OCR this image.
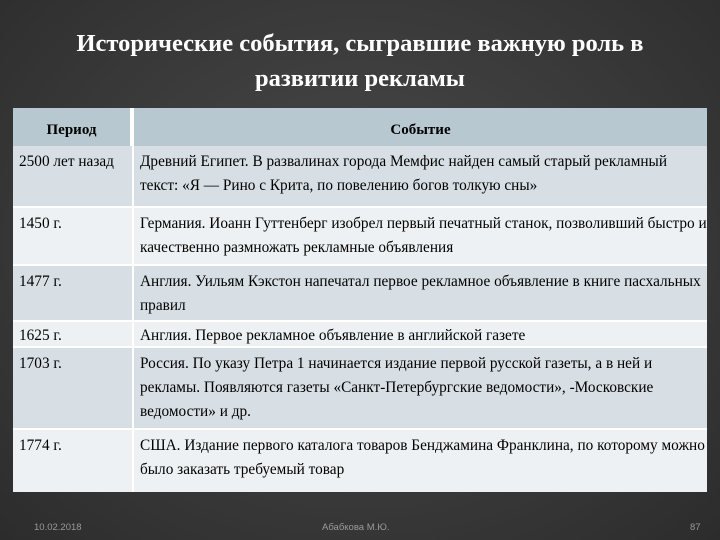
Исторические события, сыгравшие важную роль в
развитии рекламы
Период	Событие
2500 лет назад	Древний Египет. В развалинах города Мемфис найден самый старый рекламный текст: «Я — Рино с Крита, по повелению богов толкую сны»
1450 г.	Германия. Иоанн Гуттенберг изобрел первый печатный станок, позволивший быстро и качественно размножать рекламные объявления
1477 г.	Англия. Уильям Кэкстон напечатал первое рекламное объявление в книге пасхальных правил
1625 г.	Англия. Первое рекламное объявление в английской газете
1703 г.	Россия. По указу Петра 1 начинается издание первой русской газеты, а в ней и рекламы. Появляются газеты «Санкт-Петербургские ведомости», -Московские ведомости» и др.
1774 г.	США. Издание первого каталога товаров Бенджамина Франклина, по которому можно было заказать требуемый товар
10.02.2018	Абабкова М.Ю.	87
